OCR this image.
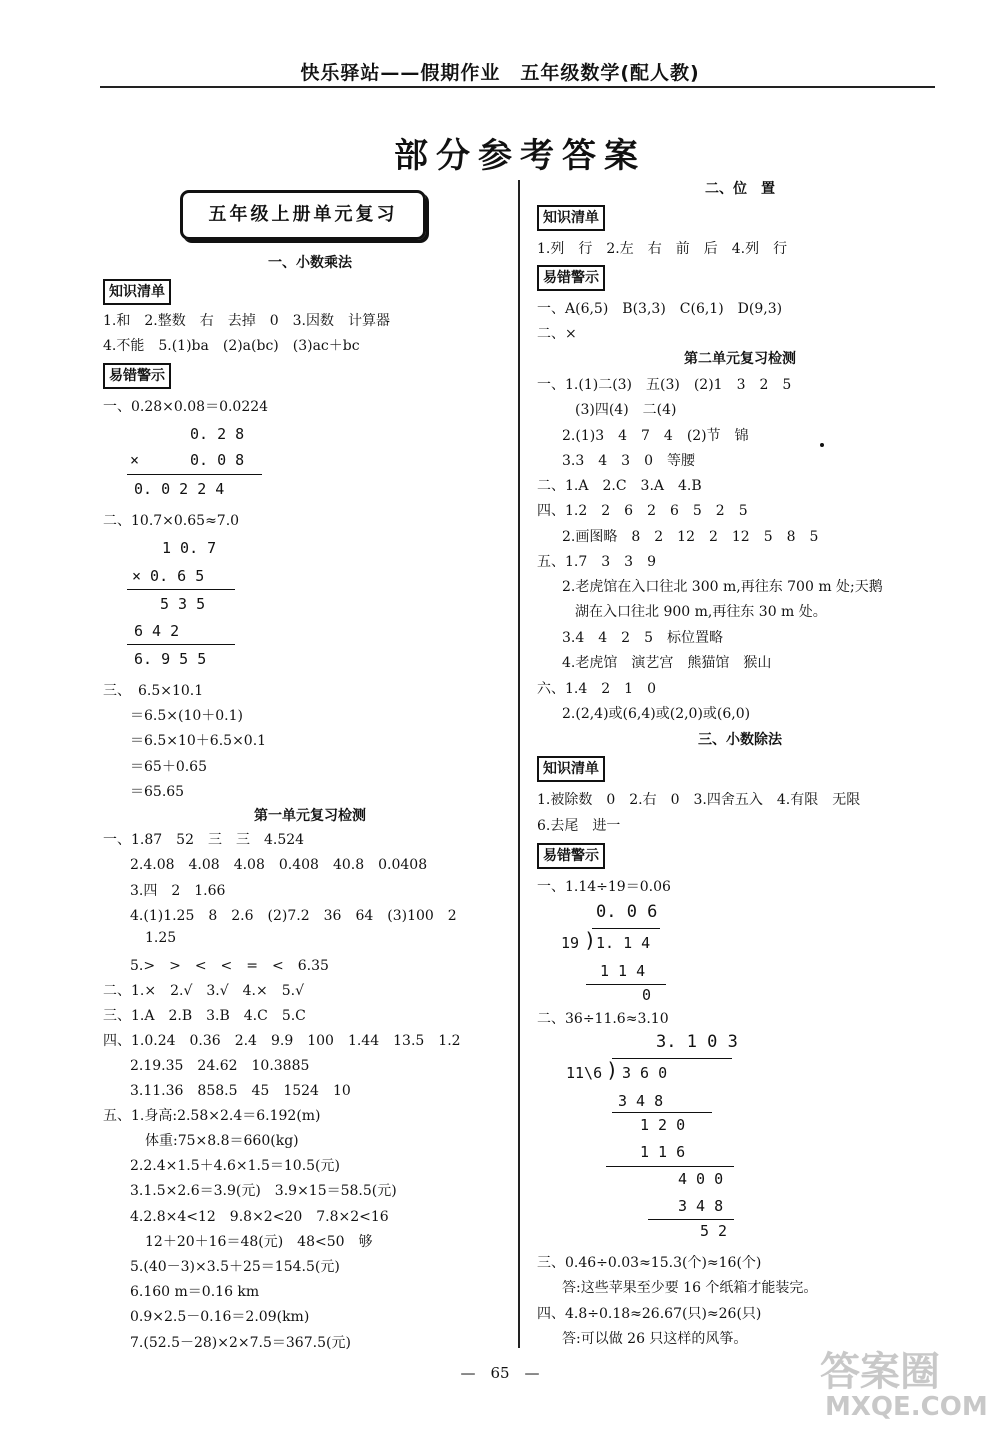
快乐驿站——假期作业　五年级数学(配人教)
部分参考答案
五年级上册单元复习
一、小数乘法
知识清单
1.和　2.整数　右　去掉　0　3.因数　计算器
4.不能　5.(1)ba　(2)a(bc)　(3)ac＋bc
易错警示
一、0.28×0.08＝0.0224
0. 2 8
×	0. 0 8
0. 0 2 2 4
二、10.7×0.65≈7.0
1 0. 7
× 0. 6 5
5 3 5
6 4 2
6. 9 5 5
三、　6.5×10.1
＝6.5×(10＋0.1)
＝6.5×10＋6.5×0.1
＝65＋0.65
＝65.65
第一单元复习检测
一、1.87　52　三　三　4.524
2.4.08　4.08　4.08　0.408　40.8　0.0408
3.四　2　1.66
4.(1)1.25　8　2.6　(2)7.2　36　64　(3)100　2
1.25
5.>　>　<　<　=　<　6.35
二、1.×　2.√　3.√　4.×　5.√
三、1.A　2.B　3.B　4.C　5.C
四、1.0.24　0.36　2.4　9.9　100　1.44　13.5　1.2
2.19.35　24.62　10.3885
3.11.36　858.5　45　1524　10
五、1.身高:2.58×2.4＝6.192(m)
体重:75×8.8＝660(kg)
2.2.4×1.5＋4.6×1.5＝10.5(元)
3.1.5×2.6＝3.9(元)　3.9×15＝58.5(元)
4.2.8×4<12　9.8×2<20　7.8×2<16
12＋20＋16＝48(元)　48<50　够
5.(40－3)×3.5＋25＝154.5(元)
6.160 m＝0.16 km
0.9×2.5－0.16＝2.09(km)
7.(52.5－28)×2×7.5＝367.5(元)
二、位　置
知识清单
1.列　行　2.左　右　前　后　4.列　行
易错警示
一、A(6,5)　B(3,3)　C(6,1)　D(9,3)
二、×
第二单元复习检测
一、1.(1)二(3)　五(3)　(2)1　3　2　5
(3)四(4)　二(4)
2.(1)3　4　7　4　(2)节　锦
3.3　4　3　0　等腰
二、1.A　2.C　3.A　4.B
四、1.2　2　6　2　6　5　2　5
2.画图略　8　2　12　2　12　5　8　5
五、1.7　3　3　9
2.老虎馆在入口往北 300 m,再往东 700 m 处;天鹅
湖在入口往北 900 m,再往东 30 m 处。
3.4　4　2　5　标位置略
4.老虎馆　演艺宫　熊猫馆　猴山
六、1.4　2　1　0
2.(2,4)或(6,4)或(2,0)或(6,0)
三、小数除法
知识清单
1.被除数　0　2.右　0　3.四舍五入　4.有限　无限
6.去尾　进一
易错警示
一、1.14÷19＝0.06
0. 0 6
19 ) 1. 1 4
1 1 4
0
二、36÷11.6≈3.10
3. 1 0 3
11\6 ) 3 6 0
3 4 8
1 2 0
1 1 6
4 0 0
3 4 8
5 2
三、0.46÷0.03≈15.3(个)≈16(个)
答:这些苹果至少要 16 个纸箱才能装完。
四、4.8÷0.18≈26.67(只)≈26(只)
答:可以做 26 只这样的风筝。
—　65　—	答案圈
MXQE.COM
